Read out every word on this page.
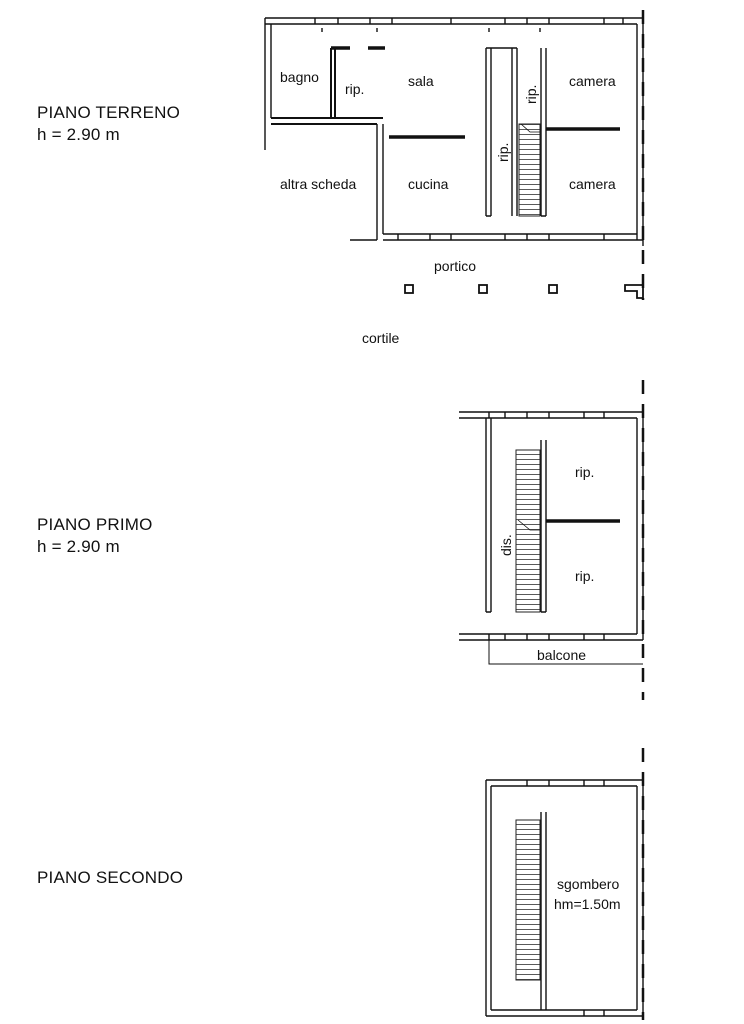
PIANO TERRENO
h = 2.90 m
PIANO PRIMO
h = 2.90 m
PIANO SECONDO
bagno
rip.	sala	camera
rip.
rip.
altra scheda	cucina	camera
portico
cortile
rip.
rip.
dis.
balcone
sgombero
hm=1.50m
